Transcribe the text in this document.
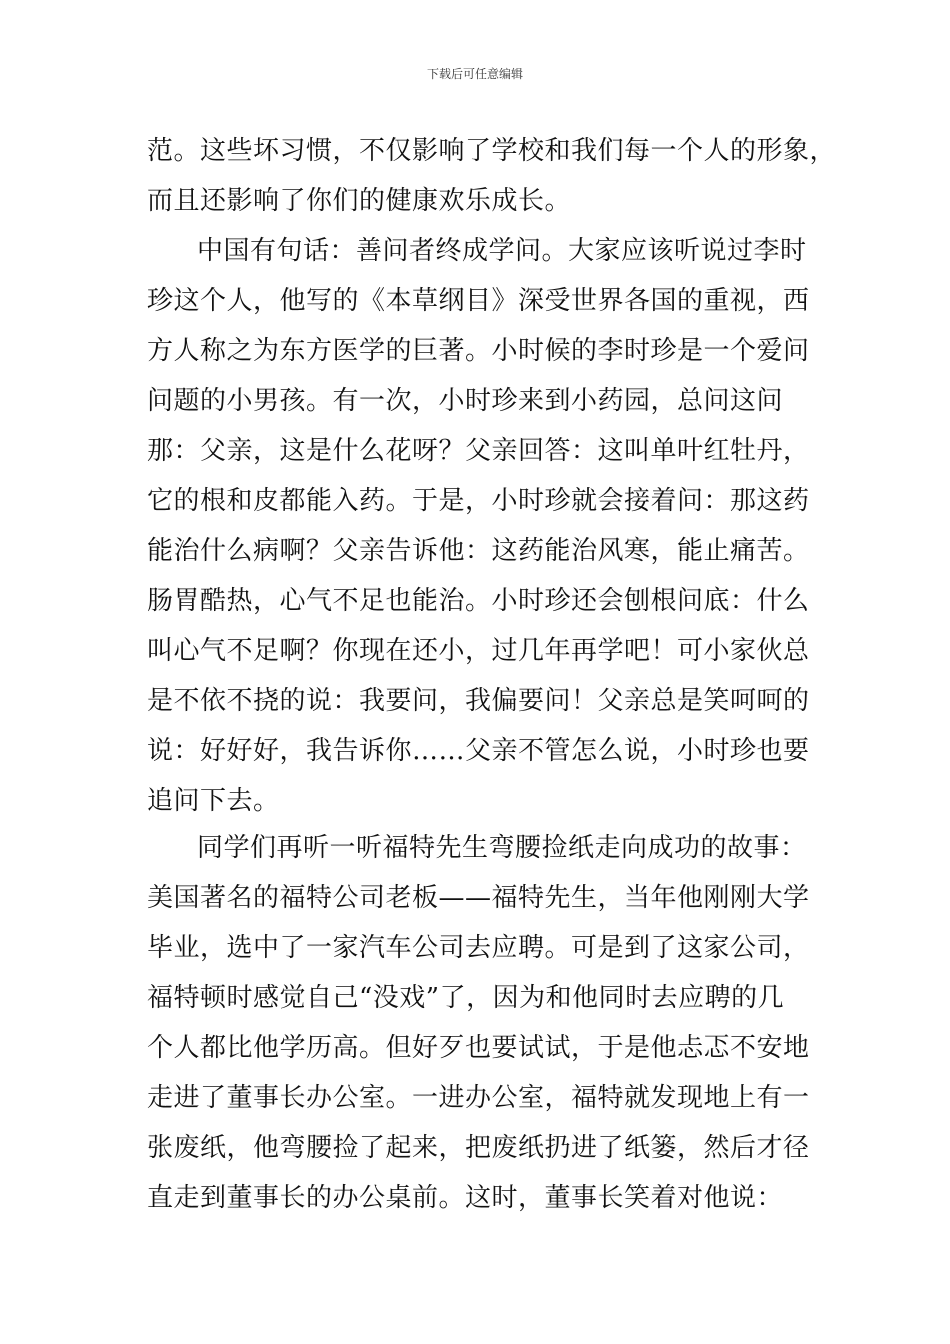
下载后可任意编辑
范。这些坏习惯，不仅影响了学校和我们每一个人的形象，
而且还影响了你们的健康欢乐成长。
中国有句话：善问者终成学问。大家应该听说过李时
珍这个人，他写的《本草纲目》深受世界各国的重视，西
方人称之为东方医学的巨著。小时候的李时珍是一个爱问
问题的小男孩。有一次，小时珍来到小药园，总问这问
那：父亲，这是什么花呀？父亲回答：这叫单叶红牡丹，
它的根和皮都能入药。于是，小时珍就会接着问：那这药
能治什么病啊？父亲告诉他：这药能治风寒，能止痛苦。
肠胃酷热，心气不足也能治。小时珍还会刨根问底：什么
叫心气不足啊？你现在还小，过几年再学吧！可小家伙总
是不依不挠的说：我要问，我偏要问！父亲总是笑呵呵的
说：好好好，我告诉你……父亲不管怎么说，小时珍也要
追问下去。
同学们再听一听福特先生弯腰捡纸走向成功的故事：
美国著名的福特公司老板——福特先生，当年他刚刚大学
毕业，选中了一家汽车公司去应聘。可是到了这家公司，
福特顿时感觉自己“没戏”了，因为和他同时去应聘的几
个人都比他学历高。但好歹也要试试，于是他忐忑不安地
走进了董事长办公室。一进办公室，福特就发现地上有一
张废纸，他弯腰捡了起来，把废纸扔进了纸篓，然后才径
直走到董事长的办公桌前。这时，董事长笑着对他说：
